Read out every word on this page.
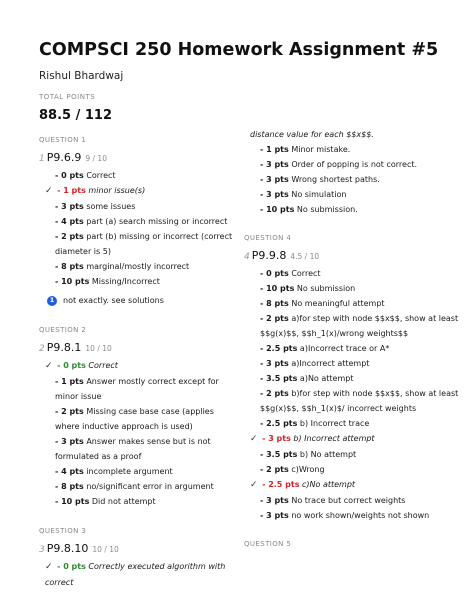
COMPSCI 250 Homework Assignment #5
Rishul Bhardwaj
TOTAL POINTS
88.5 / 112
QUESTION 1
1 P9.6.9 9 / 10
- 0 pts Correct
✓ - 1 pts minor issue(s)
- 3 pts some issues
- 4 pts part (a) search missing or incorrect
- 2 pts part (b) missing or incorrect (correct diameter is 5)
- 8 pts marginal/mostly incorrect
- 10 pts Missing/Incorrect
1	not exactly. see solutions
QUESTION 2
2 P9.8.1 10 / 10
✓ - 0 pts Correct
- 1 pts Answer mostly correct except for minor issue
- 2 pts Missing case base case (applies where inductive approach is used)
- 3 pts Answer makes sense but is not formulated as a proof
- 4 pts incomplete argument
- 8 pts no/significant error in argument
- 10 pts Did not attempt
QUESTION 3
3 P9.8.10 10 / 10
✓ - 0 pts Correctly executed algorithm with correct
distance value for each $$x$$.
- 1 pts Minor mistake.
- 3 pts Order of popping is not correct.
- 3 pts Wrong shortest paths.
- 3 pts No simulation
- 10 pts No submission.
QUESTION 4
4 P9.9.8 4.5 / 10
- 0 pts Correct
- 10 pts No submission
- 8 pts No meaningful attempt
- 2 pts a)for step with node $$x$$, show at least $$g(x)$$, $$h_1(x)/wrong weights$$
- 2.5 pts a)Incorrect trace or A*
- 3 pts a)Incorrect attempt
- 3.5 pts a)No attempt
- 2 pts b)for step with node $$x$$, show at least $$g(x)$$, $$h_1(x)$/ incorrect weights
- 2.5 pts b) Incorrect trace
✓ - 3 pts b) Incorrect attempt
- 3.5 pts b) No attempt
- 2 pts c)Wrong
✓ - 2.5 pts c)No attempt
- 3 pts No trace but correct weights
- 3 pts no work shown/weights not shown
QUESTION 5
